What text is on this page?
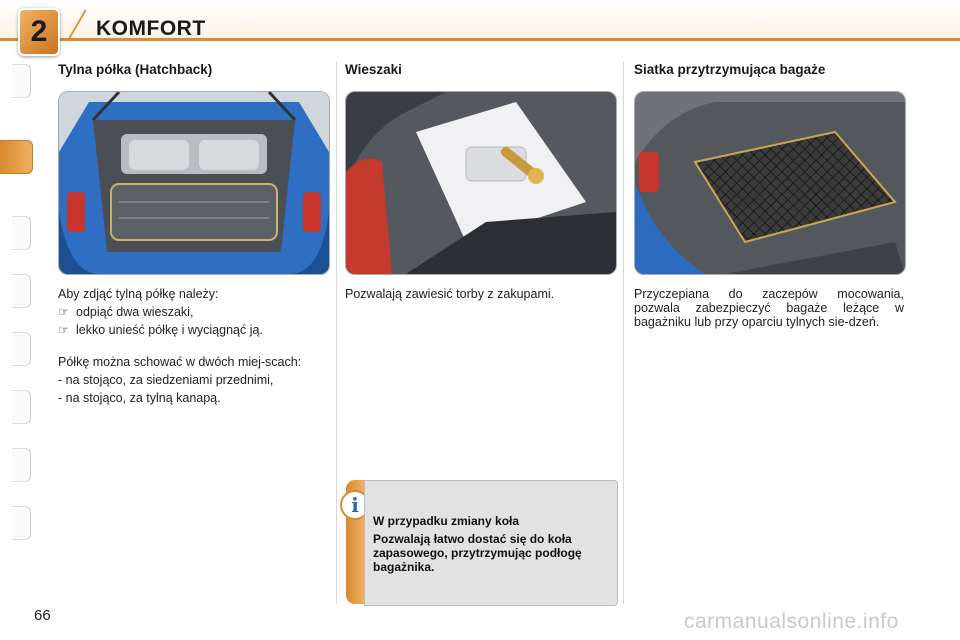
2	KOMFORT
Tylna półka (Hatchback)

Aby zdjąć tylną półkę należy:

☞ odpiąć dwa wieszaki,
☞ lekko unieść półkę i wyciągnąć ją.

Półkę można schować w dwóch miej-scach:

- na stojąco, za siedzeniami przednimi,

- na stojąco, za tylną kanapą.

Wieszaki

Pozwalają zawiesić torby z zakupami.

Siatka przytrzymująca bagaże

Przyczepiana do zaczepów mocowania, pozwala zabezpieczyć bagaże leżące w bagażniku lub przy oparciu tylnych sie-dzeń.

i
W przypadku zmiany koła
Pozwalają łatwo dostać się do koła zapasowego, przytrzymując podłogę bagażnika.
66	carmanualsonline.info
